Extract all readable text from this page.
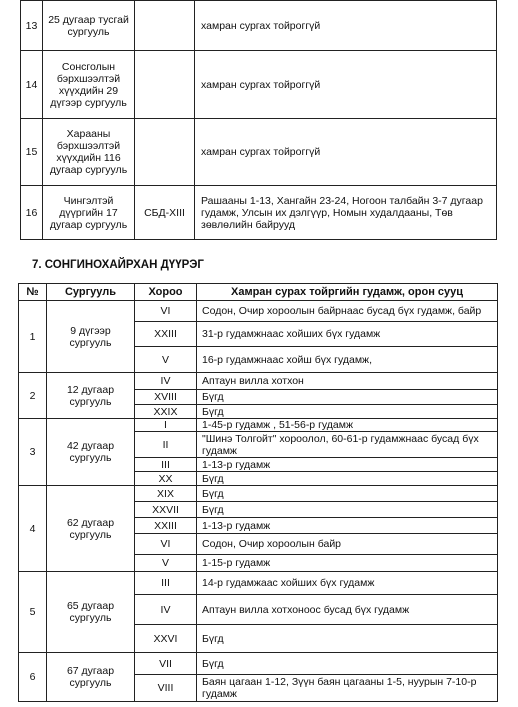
13	25 дугаар тусгай сургууль		хамран сургах тойрoггүй
14	Сонсголын бэрхшээлтэй хүүхдийн 29 дүгээр сургууль		хамран сургах тойрoггүй
15	Харааны бэрхшээлтэй хүүхдийн 116 дугаар сургууль		хамран сургах тойрoггүй
16	Чингэлтэй дүүргийн 17 дугаар сургууль	СБД-XIII	Рашааны 1-13, Хангайн 23-24, Ногоон талбайн 3-7 дугаар гудамж, Улсын их дэлгүүр, Номын худалдааны, Төв зөвлөлийн байрууд
7. СОНГИНОХАЙРХАН ДҮҮРЭГ
№	Сургууль	Хороо	Хамран сурах тойргийн гудамж, орон сууц
1	9 дүгээр сургууль	VI	Содон, Очир хороолын байрнаас бусад бүх гудамж, байр
		XXIII	31-р гудамжнаас хойших бүх гудамж
		V	16-р гудамжнаас хойш бүх гудамж,
2	12 дугаар сургууль	IV	Аптаун вилла хотхон
		XVIII	Бүгд
		XXIX	Бүгд
3	42 дугаар сургууль	I	1-45-р гудамж , 51-56-р гудамж
		II	"Шинэ Толгойт" хороолол, 60-61-р гудамжнаас бусад бүх гудамж
		III	1-13-р гудамж
		XX	Бүгд
4	62 дугаар сургууль	XIX	Бүгд
		XXVII	Бүгд
		XXIII	1-13-р гудамж
		VI	Содон, Очир хороолын байр
		V	1-15-р гудамж
5	65 дугаар сургууль	III	14-р гудамжаас хойших бүх гудамж
		IV	Аптаун вилла хотхоноос бусад бүх гудамж
		XXVI	Бүгд
6	67 дугаар сургууль	VII	Бүгд
		VIII	Баян цагаан 1-12, Зүүн баян цагааны 1-5, нуурын 7-10-р гудамж
